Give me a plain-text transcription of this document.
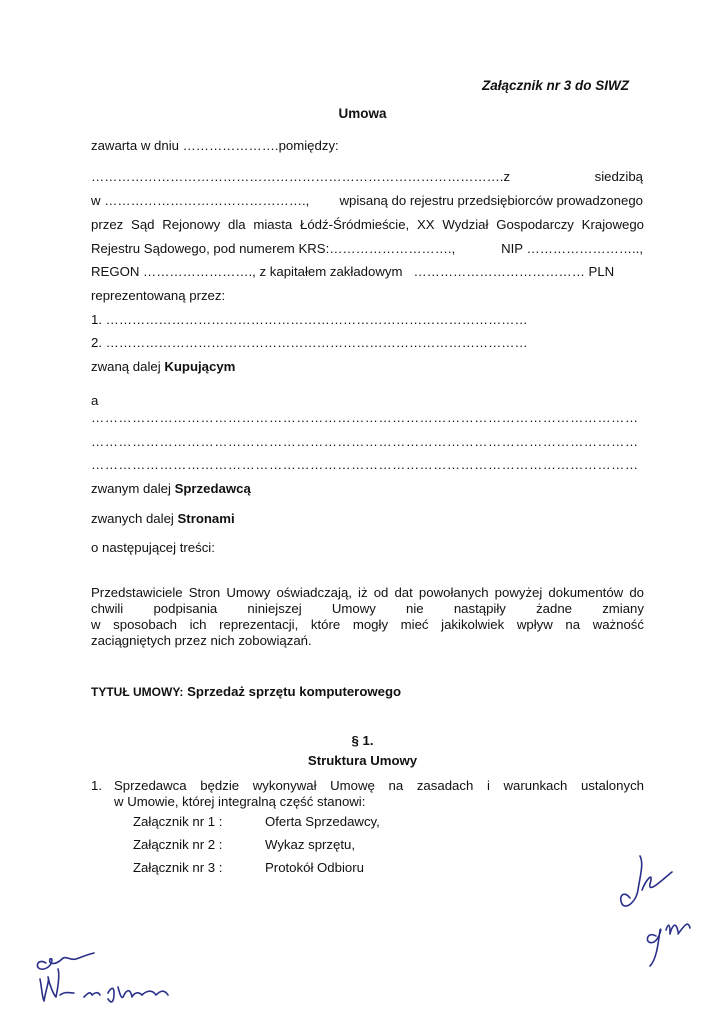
Załącznik nr 3 do SIWZ
Umowa
zawarta w dniu ………………….pomiędzy:
………………………………………………………………………………….z	siedzibą
w ………………………………………., wpisaną do rejestru przedsiębiorców prowadzonego
przez Sąd Rejonowy dla miasta Łódź-Śródmieście, XX Wydział Gospodarczy Krajowego
Rejestru Sądowego, pod numerem KRS:……………………….,	NIP ……………………..,
REGON ……………………., z kapitałem zakładowym ………………………………… PLN
reprezentowaną przez:
1. ……………………………………………………………………………………
2. ……………………………………………………………………………………
zwaną dalej Kupującym
a
…………………………………………………………………………………………………………
…………………………………………………………………………………………………………
…………………………………………………………………………………………………………
zwanym dalej Sprzedawcą
zwanych dalej Stronami
o następującej treści:
Przedstawiciele Stron Umowy oświadczają, iż od dat powołanych powyżej dokumentów do
chwili podpisania niniejszej Umowy nie nastąpiły żadne zmiany
w sposobach ich reprezentacji, które mogły mieć jakikolwiek wpływ na ważność
zaciągniętych przez nich zobowiązań.
TYTUŁ UMOWY: Sprzedaż sprzętu komputerowego
§ 1.
Struktura Umowy
1. Sprzedawca będzie wykonywał Umowę na zasadach i warunkach ustalonych
w Umowie, której integralną część stanowi:
Załącznik nr 1 :	Oferta Sprzedawcy,
Załącznik nr 2 :	Wykaz sprzętu,
Załącznik nr 3 :	Protokół Odbioru
